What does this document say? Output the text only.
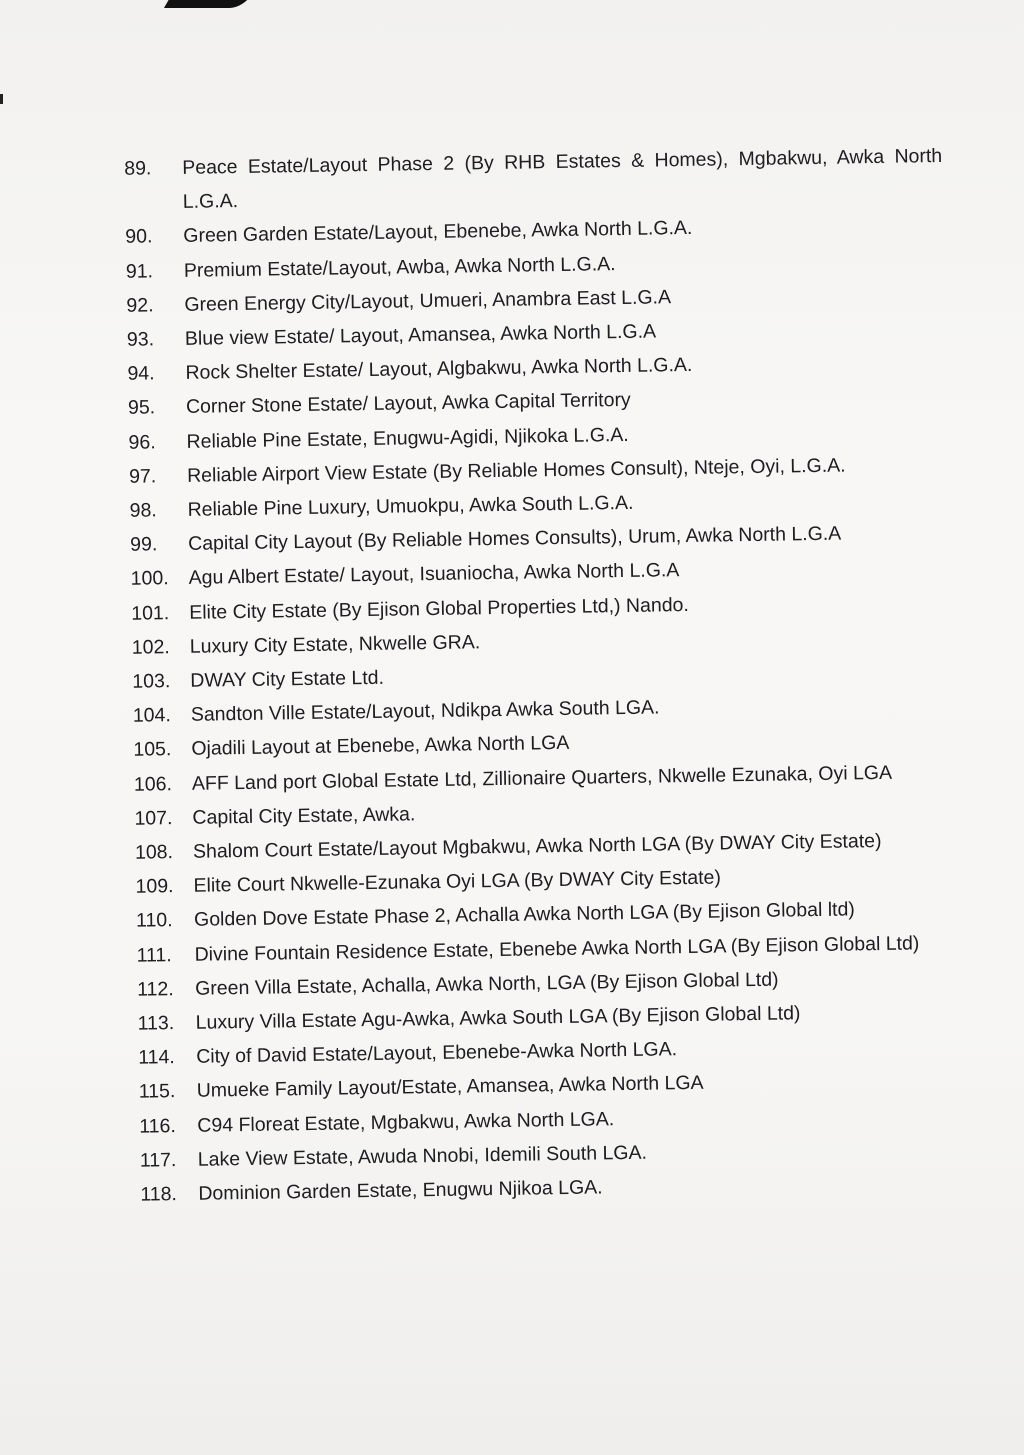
89.	Peace Estate/Layout Phase 2 (By RHB Estates & Homes), Mgbakwu, Awka North L.G.A.
90.	Green Garden Estate/Layout, Ebenebe, Awka North L.G.A.
91.	Premium Estate/Layout, Awba, Awka North L.G.A.
92.	Green Energy City/Layout, Umueri, Anambra East L.G.A
93.	Blue view Estate/ Layout, Amansea, Awka North L.G.A
94.	Rock Shelter Estate/ Layout, Algbakwu, Awka North L.G.A.
95.	Corner Stone Estate/ Layout, Awka Capital Territory
96.	Reliable Pine Estate, Enugwu-Agidi, Njikoka L.G.A.
97.	Reliable Airport View Estate (By Reliable Homes Consult), Nteje, Oyi, L.G.A.
98.	Reliable Pine Luxury, Umuokpu, Awka South L.G.A.
99.	Capital City Layout (By Reliable Homes Consults), Urum, Awka North L.G.A
100.	Agu Albert Estate/ Layout, Isuaniocha, Awka North L.G.A
101.	Elite City Estate (By Ejison Global Properties Ltd,) Nando.
102.	Luxury City Estate, Nkwelle GRA.
103.	DWAY City Estate Ltd.
104.	Sandton Ville Estate/Layout, Ndikpa Awka South LGA.
105.	Ojadili Layout at Ebenebe, Awka North LGA
106.	AFF Land port Global Estate Ltd, Zillionaire Quarters, Nkwelle Ezunaka, Oyi LGA
107.	Capital City Estate, Awka.
108.	Shalom Court Estate/Layout Mgbakwu, Awka North LGA (By DWAY City Estate)
109.	Elite Court Nkwelle-Ezunaka Oyi LGA (By DWAY City Estate)
110.	Golden Dove Estate Phase 2, Achalla Awka North LGA (By Ejison Global ltd)
111.	Divine Fountain Residence Estate, Ebenebe Awka North LGA (By Ejison Global Ltd)
112.	Green Villa Estate, Achalla, Awka North, LGA (By Ejison Global Ltd)
113.	Luxury Villa Estate Agu-Awka, Awka South LGA (By Ejison Global Ltd)
114.	City of David Estate/Layout, Ebenebe-Awka North LGA.
115.	Umueke Family Layout/Estate, Amansea, Awka North LGA
116.	C94 Floreat Estate, Mgbakwu, Awka North LGA.
117.	Lake View Estate, Awuda Nnobi, Idemili South LGA.
118.	Dominion Garden Estate, Enugwu Njikoa LGA.
